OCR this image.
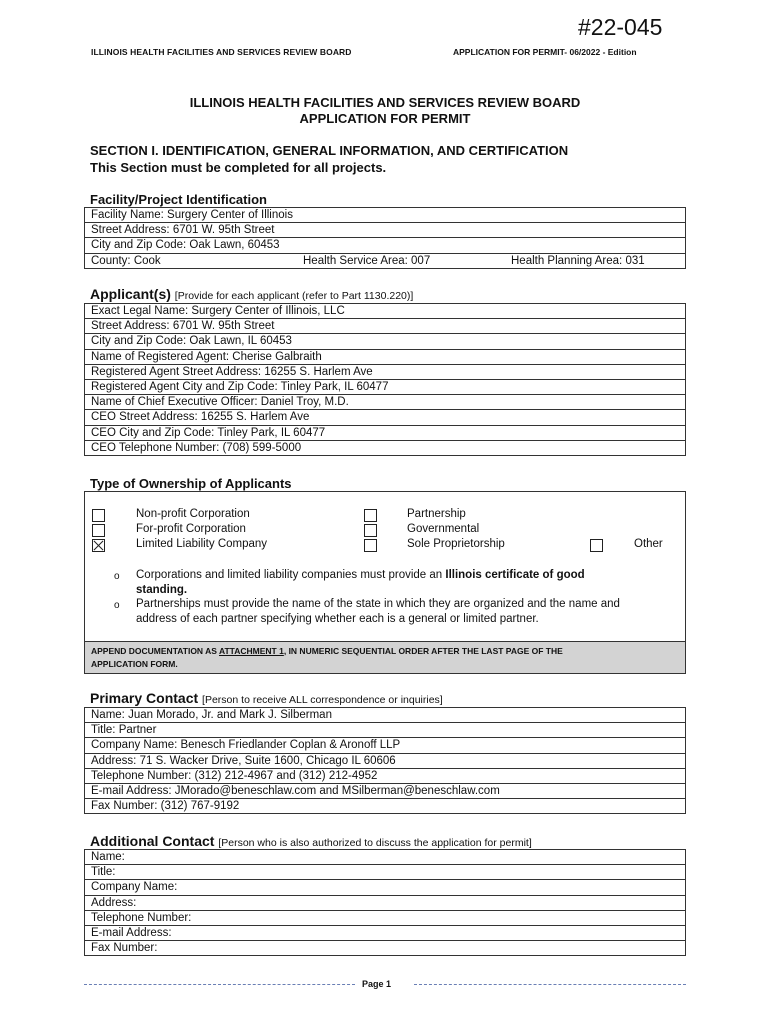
#22-045
ILLINOIS HEALTH FACILITIES AND SERVICES REVIEW BOARD	APPLICATION FOR PERMIT- 06/2022 - Edition
ILLINOIS HEALTH FACILITIES AND SERVICES REVIEW BOARD
APPLICATION FOR PERMIT
SECTION I. IDENTIFICATION, GENERAL INFORMATION, AND CERTIFICATION
This Section must be completed for all projects.
Facility/Project Identification
Facility Name: Surgery Center of Illinois
Street Address: 6701 W. 95th Street
City and Zip Code: Oak Lawn, 60453

County: Cook	Health Service Area: 007	Health Planning Area: 031
Applicant(s) [Provide for each applicant (refer to Part 1130.220)]
Exact Legal Name: Surgery Center of Illinois, LLC
Street Address: 6701 W. 95th Street
City and Zip Code: Oak Lawn, IL 60453
Name of Registered Agent: Cherise Galbraith
Registered Agent Street Address: 16255 S. Harlem Ave
Registered Agent City and Zip Code: Tinley Park, IL 60477
Name of Chief Executive Officer: Daniel Troy, M.D.
CEO Street Address: 16255 S. Harlem Ave
CEO City and Zip Code: Tinley Park, IL 60477
CEO Telephone Number: (708) 599-5000
Type of Ownership of Applicants
Non-profit Corporation
For-profit Corporation
Limited Liability Company
Partnership
Governmental
Sole Proprietorship	Other
o Corporations and limited liability companies must provide an Illinois certificate of good
standing.
o Partnerships must provide the name of the state in which they are organized and the name and
address of each partner specifying whether each is a general or limited partner.
APPEND DOCUMENTATION AS ATTACHMENT 1, IN NUMERIC SEQUENTIAL ORDER AFTER THE LAST PAGE OF THE
APPLICATION FORM.
Primary Contact [Person to receive ALL correspondence or inquiries]
Name: Juan Morado, Jr. and Mark J. Silberman
Title: Partner
Company Name: Benesch Friedlander Coplan & Aronoff LLP
Address: 71 S. Wacker Drive, Suite 1600, Chicago IL 60606
Telephone Number: (312) 212-4967 and (312) 212-4952
E-mail Address: JMorado@beneschlaw.com and MSilberman@beneschlaw.com
Fax Number: (312) 767-9192
Additional Contact [Person who is also authorized to discuss the application for permit]
Name:
Title:
Company Name:
Address:
Telephone Number:
E-mail Address:
Fax Number:
Page 1
